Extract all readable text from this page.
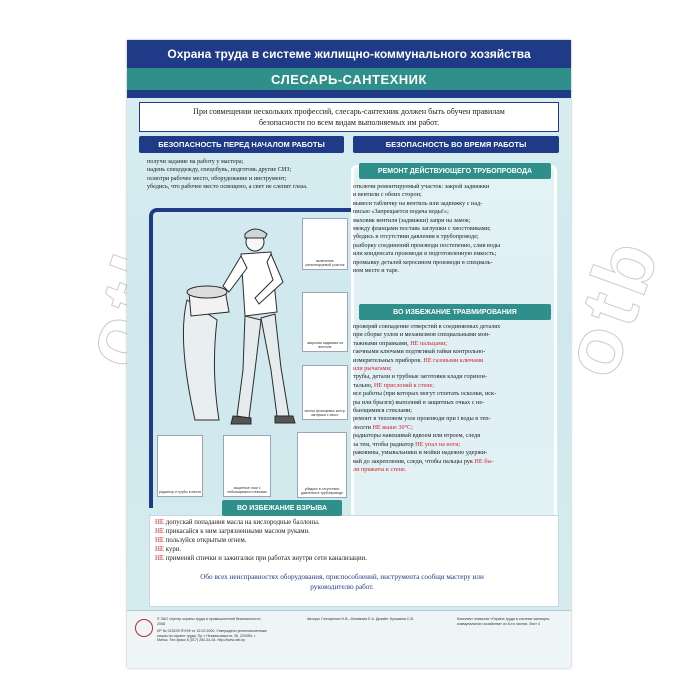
otb
Охрана труда в системе жилищно-коммунального хозяйства
СЛЕСАРЬ-САНТЕХНИК
При совмещении нескольких профессий, слесарь-сантехник должен быть обучен правилам безопасности по всем видам выполняемых им работ.
БЕЗОПАСНОСТЬ ПЕРЕД НАЧАЛОМ РАБОТЫ	БЕЗОПАСНОСТЬ ВО ВРЕМЯ РАБОТЫ
получи задание на работу у мастера;
надень спецодежду, спецобувь, подготовь другие СИЗ;
осмотри рабочее место, оборудование и инструмент;
убедись, что рабочее место освещено, а свет не слепит глаза.
включение ремонтируемой участок
закрытая задвижка на вентиле
чистка фланцевых контр. заглушки с хвост.
радиатор и трубы в месте
защитные очки с небьющимися стеклами
убедись в отсутствии давления в трубопроводе
РЕМОНТ ДЕЙСТВУЮЩЕГО ТРУБОПРОВОДА
отключи ремонтируемый участок: закрой задвижки
и вентили с обеих сторон;
вывеси табличку на вентиль или задвижку с над-
писью «Запрещается подача воды!»;
маховик вентиля (задвижки) запри на замок;
между фланцами поставь заглушки с хвостовиками;
убедись в отсутствии давления в трубопроводе;
разборку соединений производи постепенно, слив воды
или конденсата производи в подготовленную емкость;
промывку деталей керосином производи в специаль-
ном месте и таре.
ВО ИЗБЕЖАНИЕ ТРАВМИРОВАНИЯ
проверяй совпадение отверстий в соединяемых деталях
при сборке узлов и механизмов специальными мон-
тажными оправками, НЕ пальцами;
гаечными ключами подтягивай гайки контрольно-
измерительных приборов. НЕ газовыми ключами
или рычагами;
трубы, детали и трубные заготовки клади горизон-
тально, НЕ прислоняй к стене;
все работы (при которых могут отлетать осколки, иск-
ры или брызги) выполняй в защитных очках с не-
бьющимися стеклами;
ремонт в тепловом узле производи при t воды в теп-
лосети НЕ выше 30°С;
радиаторы навешивай вдвоем или втроем, следя
за тем, чтобы радиатор НЕ упал на ноги;
раковины, умывальники и мойки надежно удержи-
вай до закрепления, следи, чтобы пальцы рук НЕ бы-
ли прижаты к стене.
ВО ИЗБЕЖАНИЕ ВЗРЫВА
НЕ допускай попадания масла на кислородные баллоны.
НЕ прикасайся к ним загрязненными маслом руками.
НЕ пользуйся открытым огнем.
НЕ кури.
НЕ применяй спички и зажигалки при работах внутри сети канализации.
Обо всех неисправностях оборудования, приспособлений, инструмента сообщи мастеру или руководителю работ.
© ЗАО «Центр охраны труда и промышленной безопасности», 2008
ЛР № 023109 ПУНФ от 15.02.2000. Утверждено уполномоченным лицом по охране труда. Пр-т Независимости, 36. 220050, г. Минск. Тел./факс 8 (017) 284-34-54. http://www.otb.by
Авторы: Гончаренко Н.В., Маликова Е.А. Дизайн: Кузьмина С.В.	Комплект плакатов «Охрана труда в системе жилищно-коммунального хозяйства» из 6-ти листов. Лист 4
